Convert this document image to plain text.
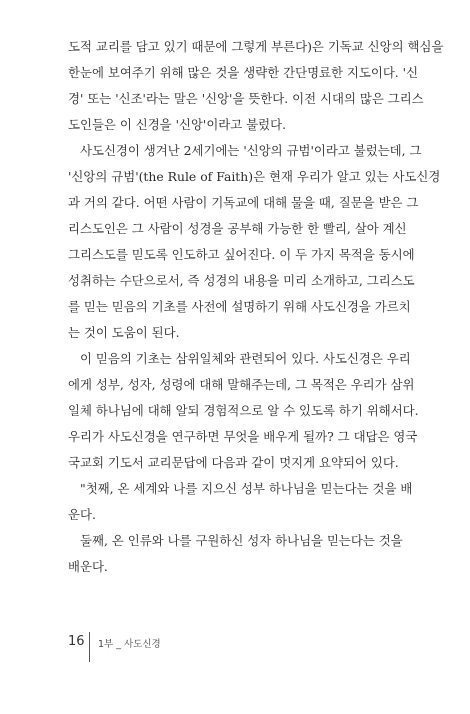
도적 교리를 담고 있기 때문에 그렇게 부른다)은 기독교 신앙의 핵심을
한눈에 보여주기 위해 많은 것을 생략한 간단명료한 지도이다. '신
경' 또는 '신조'라는 말은 '신앙'을 뜻한다. 이전 시대의 많은 그리스
도인들은 이 신경을 '신앙'이라고 불렀다.
사도신경이 생겨난 2세기에는 '신앙의 규범'이라고 불렀는데, 그
'신앙의 규범'(the Rule of Faith)은 현재 우리가 알고 있는 사도신경
과 거의 같다. 어떤 사람이 기독교에 대해 물을 때, 질문을 받은 그
리스도인은 그 사람이 성경을 공부해 가능한 한 빨리, 살아 계신
그리스도를 믿도록 인도하고 싶어진다. 이 두 가지 목적을 동시에
성취하는 수단으로서, 즉 성경의 내용을 미리 소개하고, 그리스도
를 믿는 믿음의 기초를 사전에 설명하기 위해 사도신경을 가르치
는 것이 도움이 된다.
이 믿음의 기초는 삼위일체와 관련되어 있다. 사도신경은 우리
에게 성부, 성자, 성령에 대해 말해주는데, 그 목적은 우리가 삼위
일체 하나님에 대해 알되 경험적으로 알 수 있도록 하기 위해서다.
우리가 사도신경을 연구하면 무엇을 배우게 될까? 그 대답은 영국
국교회 기도서 교리문답에 다음과 같이 멋지게 요약되어 있다.
"첫째, 온 세계와 나를 지으신 성부 하나님을 믿는다는 것을 배
운다.
둘째, 온 인류와 나를 구원하신 성자 하나님을 믿는다는 것을
배운다.
16 1부 _ 사도신경
